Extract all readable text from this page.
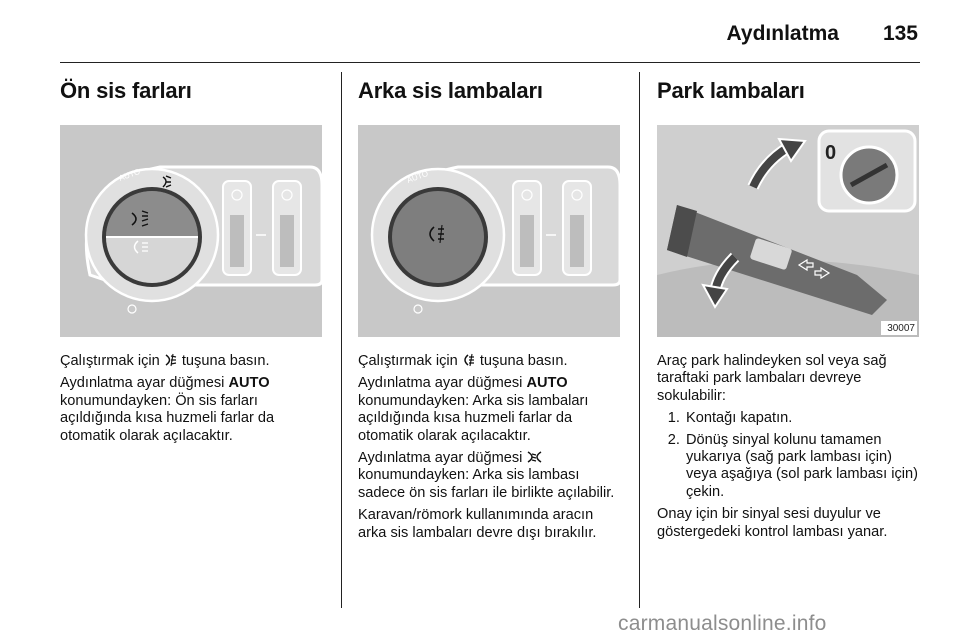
Aydınlatma 135
Ön sis farları
AUTO

Çalıştırmak için tuşuna basın.

Aydınlatma ayar düğmesi AUTO konumundayken: Ön sis farları açıldığında kısa huzmeli farlar da otomatik olarak açılacaktır.

Arka sis lambaları
AUTO

Çalıştırmak için tuşuna basın.

Aydınlatma ayar düğmesi AUTO konumundayken: Arka sis lambaları açıldığında kısa huzmeli farlar da otomatik olarak açılacaktır.

Aydınlatma ayar düğmesi  konumundayken: Arka sis lambası sadece ön sis farları ile birlikte açılabilir.

Karavan/römork kullanımında aracın arka sis lambaları devre dışı bırakılır.

Park lambaları
0
30007

Araç park halindeyken sol veya sağ taraftaki park lambaları devreye sokulabilir:

1. Kontağı kapatın.
2. Dönüş sinyal kolunu tamamen yukarıya (sağ park lambası için) veya aşağıya (sol park lambası için) çekin.

Onay için bir sinyal sesi duyulur ve göstergedeki kontrol lambası yanar.

carmanualsonline.info
